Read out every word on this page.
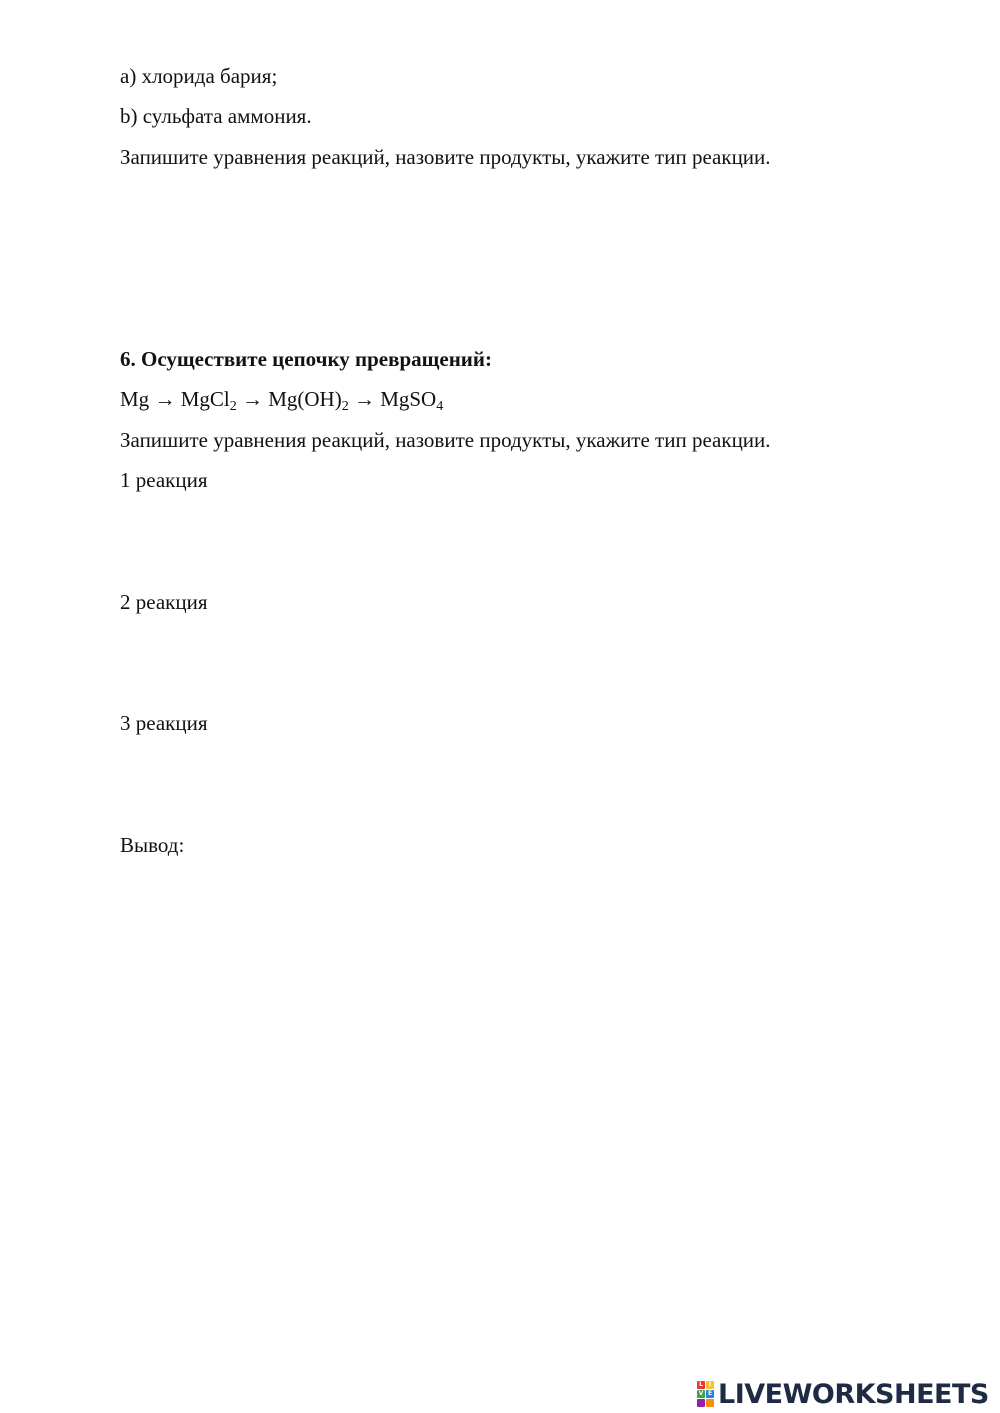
a) хлорида бария;
b) сульфата аммония.
Запишите уравнения реакций, назовите продукты, укажите тип реакции.
6. Осуществите цепочку превращений:
Mg → MgCl$_2$ → $Mg(OH)_2$ → MgSO$_4$
Запишите уравнения реакций, назовите продукты, укажите тип реакции.
1 реакция
2 реакция
3 реакция
Вывод:
L I
V E LIVEWORKSHEETS
